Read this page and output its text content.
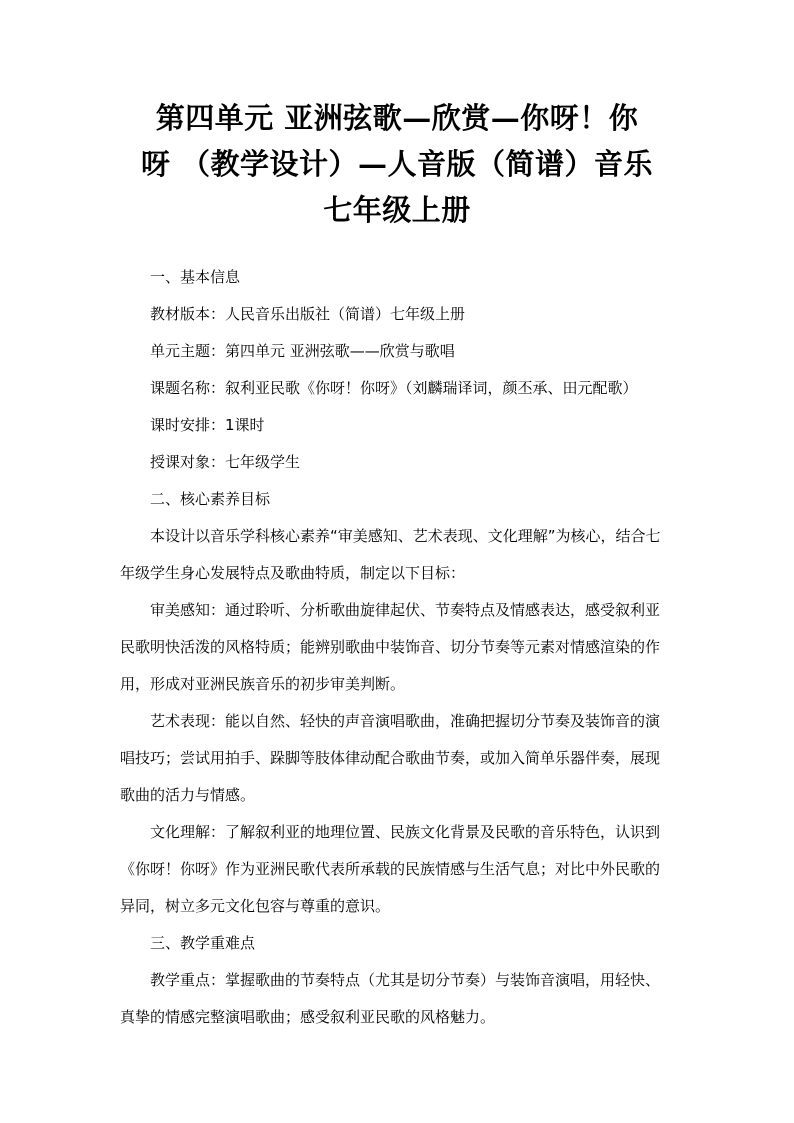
第四单元 亚洲弦歌—欣赏—你呀！你
呀 （教学设计）—人音版（简谱）音乐
七年级上册

一、基本信息

教材版本：人民音乐出版社（简谱）七年级上册

单元主题：第四单元 亚洲弦歌——欣赏与歌唱

课题名称：叙利亚民歌《你呀！你呀》（刘麟瑞译词，颜丕承、田元配歌）

课时安排：1课时

授课对象：七年级学生

二、核心素养目标

本设计以音乐学科核心素养“审美感知、艺术表现、文化理解”为核心，结合七年级学生身心发展特点及歌曲特质，制定以下目标：

审美感知：通过聆听、分析歌曲旋律起伏、节奏特点及情感表达，感受叙利亚民歌明快活泼的风格特质；能辨别歌曲中装饰音、切分节奏等元素对情感渲染的作用，形成对亚洲民族音乐的初步审美判断。

艺术表现：能以自然、轻快的声音演唱歌曲，准确把握切分节奏及装饰音的演唱技巧；尝试用拍手、跺脚等肢体律动配合歌曲节奏，或加入简单乐器伴奏，展现歌曲的活力与情感。

文化理解：了解叙利亚的地理位置、民族文化背景及民歌的音乐特色，认识到《你呀！你呀》作为亚洲民歌代表所承载的民族情感与生活气息；对比中外民歌的异同，树立多元文化包容与尊重的意识。

三、教学重难点

教学重点：掌握歌曲的节奏特点（尤其是切分节奏）与装饰音演唱，用轻快、真挚的情感完整演唱歌曲；感受叙利亚民歌的风格魅力。
